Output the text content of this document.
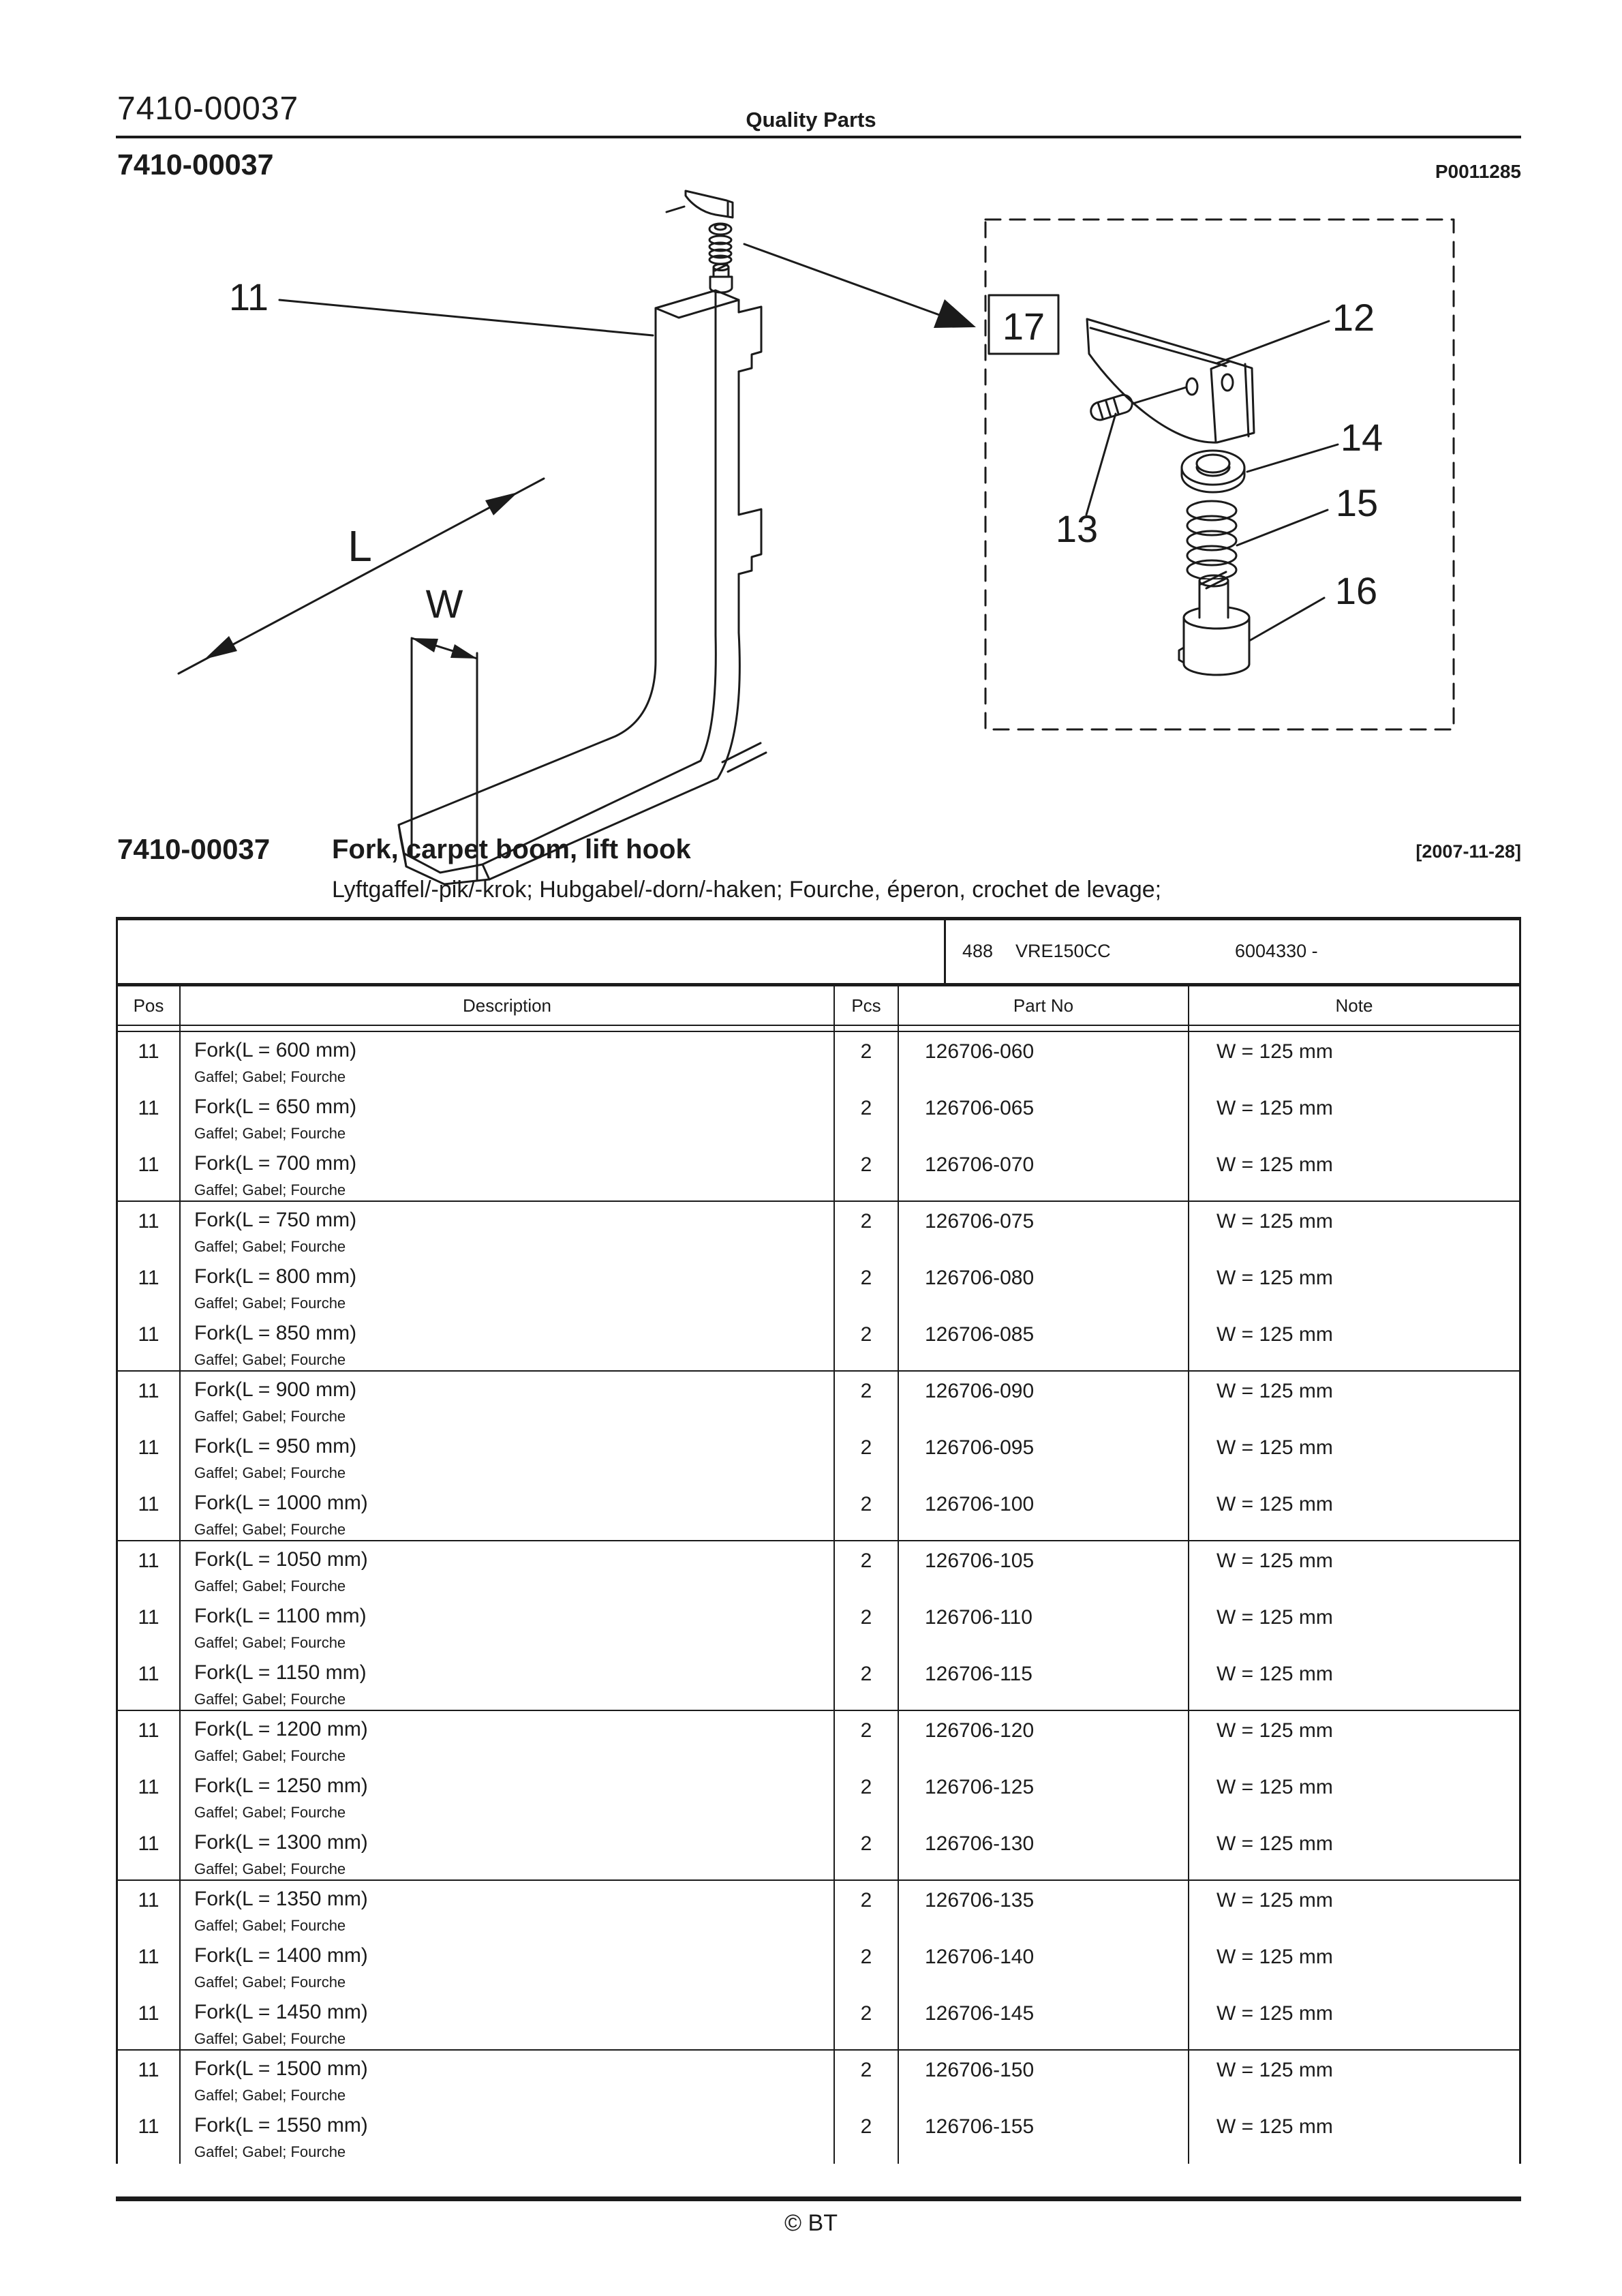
7410-00037	Quality Parts
7410-00037	P0011285
11
L
W
17	12
13
14
15
16
7410-00037 Fork, carpet boom, lift hook	[2007-11-28]
Lyftgaffel/-pik/-krok; Hubgabel/-dorn/-haken; Fourche, éperon, crochet de levage;
488 VRE150CC	6004330 -
Pos	Description	Pcs	Part No	Note
11	Fork(L = 600 mm)
Gaffel; Gabel; Fourche
2	126706-060	W = 125 mm
11	Fork(L = 650 mm)
Gaffel; Gabel; Fourche
2	126706-065	W = 125 mm
11	Fork(L = 700 mm)
Gaffel; Gabel; Fourche
2	126706-070	W = 125 mm
11	Fork(L = 750 mm)
Gaffel; Gabel; Fourche
2	126706-075	W = 125 mm
11	Fork(L = 800 mm)
Gaffel; Gabel; Fourche
2	126706-080	W = 125 mm
11	Fork(L = 850 mm)
Gaffel; Gabel; Fourche
2	126706-085	W = 125 mm
11	Fork(L = 900 mm)
Gaffel; Gabel; Fourche
2	126706-090	W = 125 mm
11	Fork(L = 950 mm)
Gaffel; Gabel; Fourche
2	126706-095	W = 125 mm
11	Fork(L = 1000 mm)
Gaffel; Gabel; Fourche
2	126706-100	W = 125 mm
11	Fork(L = 1050 mm)
Gaffel; Gabel; Fourche
2	126706-105	W = 125 mm
11	Fork(L = 1100 mm)
Gaffel; Gabel; Fourche
2	126706-110	W = 125 mm
11	Fork(L = 1150 mm)
Gaffel; Gabel; Fourche
2	126706-115	W = 125 mm
11	Fork(L = 1200 mm)
Gaffel; Gabel; Fourche
2	126706-120	W = 125 mm
11	Fork(L = 1250 mm)
Gaffel; Gabel; Fourche
2	126706-125	W = 125 mm
11	Fork(L = 1300 mm)
Gaffel; Gabel; Fourche
2	126706-130	W = 125 mm
11	Fork(L = 1350 mm)
Gaffel; Gabel; Fourche
2	126706-135	W = 125 mm
11	Fork(L = 1400 mm)
Gaffel; Gabel; Fourche
2	126706-140	W = 125 mm
11	Fork(L = 1450 mm)
Gaffel; Gabel; Fourche
2	126706-145	W = 125 mm
11	Fork(L = 1500 mm)
Gaffel; Gabel; Fourche
2	126706-150	W = 125 mm
11	Fork(L = 1550 mm)
Gaffel; Gabel; Fourche
2	126706-155	W = 125 mm
© BT
